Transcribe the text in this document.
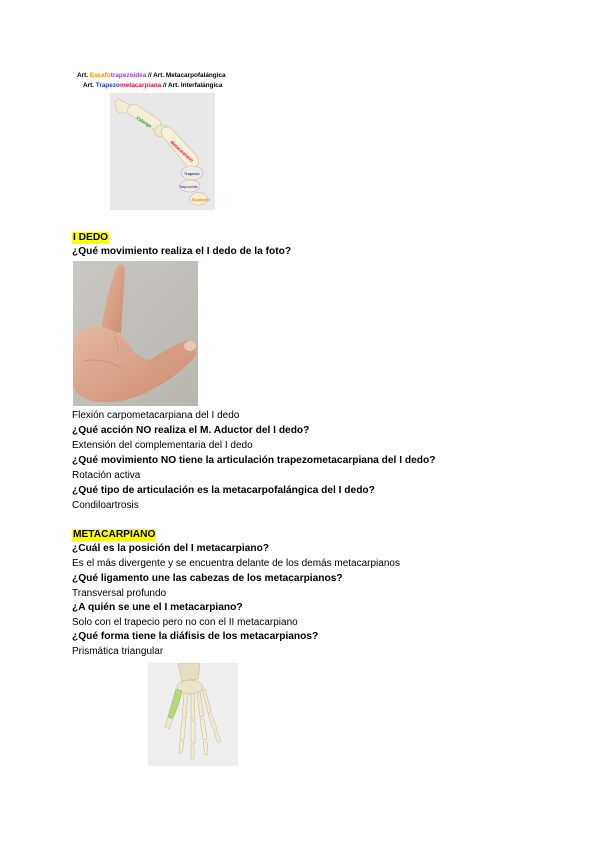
Art. Escafotrapezoidea // Art. Metacarpofalángica
Art. Trapezometacarpiana // Art. Interfalángica
Falange
Metacarpiano
Trapecio
Trapezoide
Escafoides
I DEDO
¿Qué movimiento realiza el I dedo de la foto?
Flexión carpometacarpiana del I dedo
¿Qué acción NO realiza el M. Aductor del I dedo?
Extensión del complementaria del I dedo
¿Qué movimiento NO tiene la articulación trapezometacarpiana del I dedo?
Rotación activa
¿Qué tipo de articulación es la metacarpofalángica del I dedo?
Condiloartrosis
METACARPIANO
¿Cuál es la posición del I metacarpiano?
Es el más divergente y se encuentra delante de los demás metacarpianos
¿Qué ligamento une las cabezas de los metacarpianos?
Transversal profundo
¿A quién se une el I metacarpiano?
Solo con el trapecio pero no con el II metacarpiano
¿Qué forma tiene la diáfisis de los metacarpianos?
Prismática triangular
